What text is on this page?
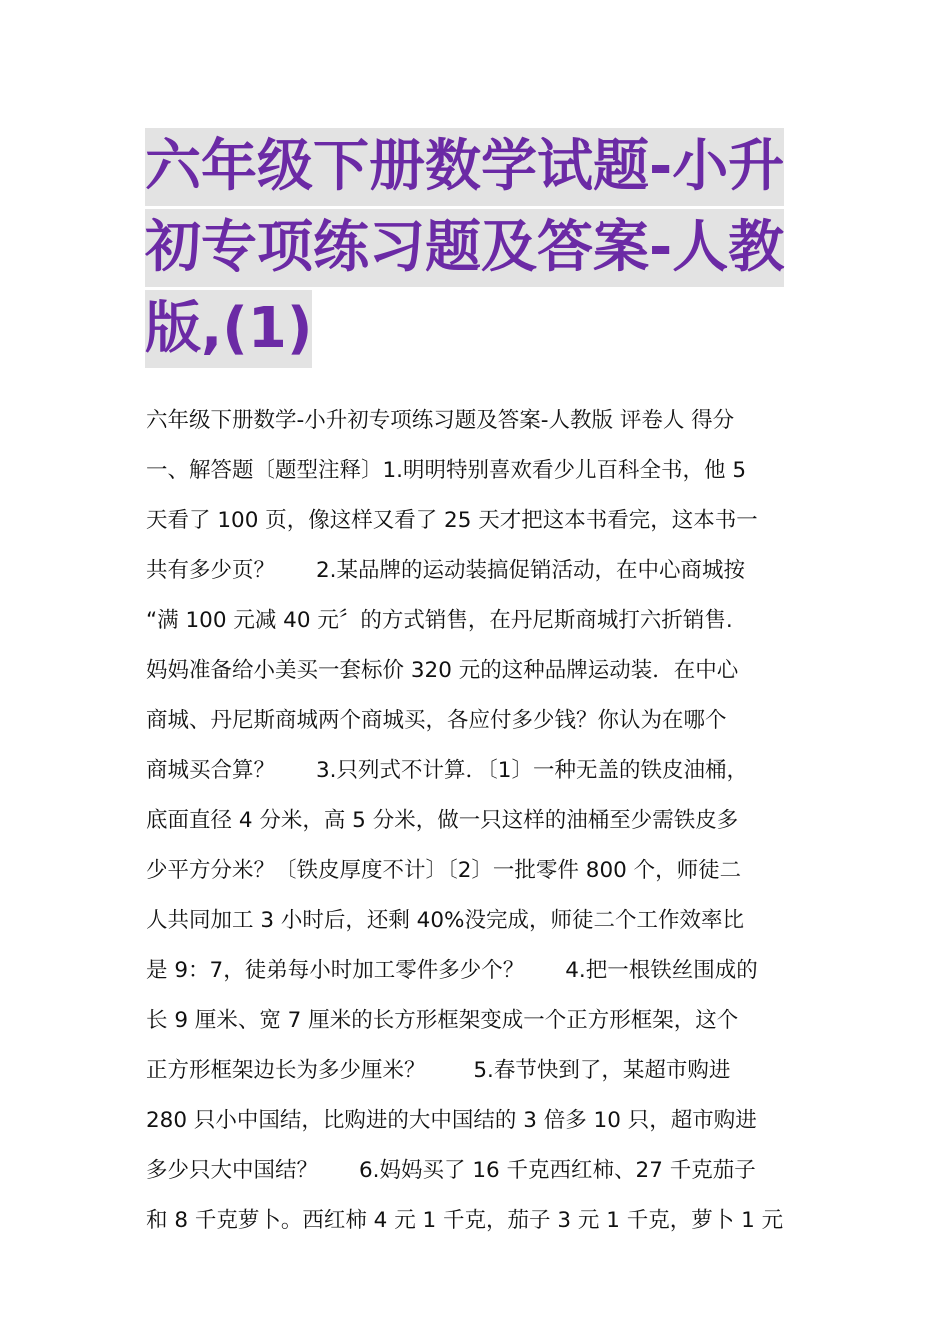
六年级下册数学试题-小升
初专项练习题及答案-人教
版,(1)
六年级下册数学-小升初专项练习题及答案-人教版 评卷人 得分
一、解答题〔题型注释〕1.明明特别喜欢看少儿百科全书，他 5
天看了 100 页，像这样又看了 25 天才把这本书看完，这本书一
共有多少页？      2.某品牌的运动装搞促销活动，在中心商城按
“满 100 元减 40 元〞的方式销售，在丹尼斯商城打六折销售.
妈妈准备给小美买一套标价 320 元的这种品牌运动装．在中心
商城、丹尼斯商城两个商城买，各应付多少钱？你认为在哪个
商城买合算？      3.只列式不计算．〔1〕一种无盖的铁皮油桶，
底面直径 4 分米，高 5 分米，做一只这样的油桶至少需铁皮多
少平方分米？〔铁皮厚度不计〕〔2〕一批零件 800 个，师徒二
人共同加工 3 小时后，还剩 40%没完成，师徒二个工作效率比
是 9：7，徒弟每小时加工零件多少个？      4.把一根铁丝围成的
长 9 厘米、宽 7 厘米的长方形框架变成一个正方形框架，这个
正方形框架边长为多少厘米？       5.春节快到了，某超市购进
280 只小中国结，比购进的大中国结的 3 倍多 10 只，超市购进
多少只大中国结？      6.妈妈买了 16 千克西红柿、27 千克茄子
和 8 千克萝卜。西红柿 4 元 1 千克，茄子 3 元 1 千克，萝卜 1 元
